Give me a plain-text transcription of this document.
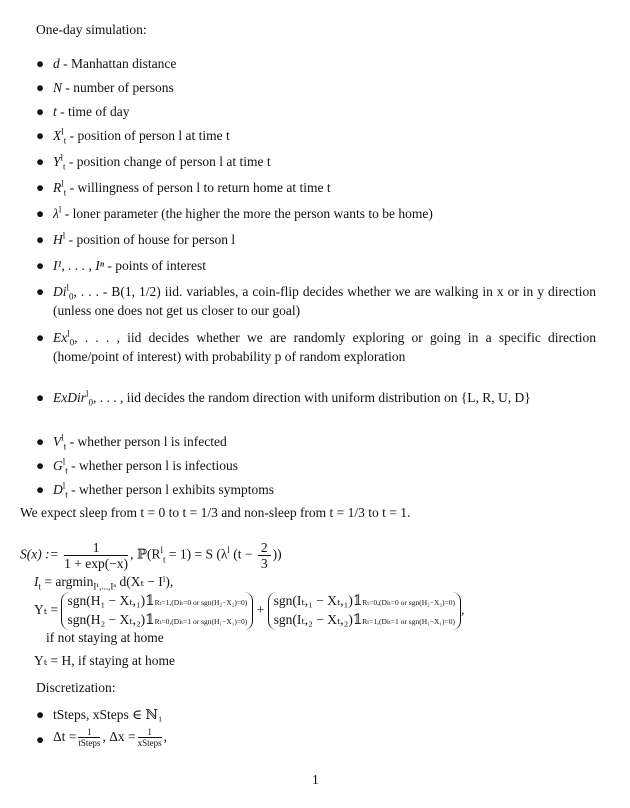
One-day simulation:
● d - Manhattan distance
● N - number of persons
● t - time of day
● $X^l_t$ - position of person l at time t
● $Y^l_t$ - position change of person l at time t
● $R^l_t$ - willingness of person l to return home at time t
● $\lambda^l$ - loner parameter (the higher the more the person wants to be home)
● $H^l$ - position of house for person l
● I¹, . . . , Iⁿ - points of interest
● $Di^l_0$, . . . - B(1, 1/2) iid. variables, a coin-flip decides whether we are walking in x or in y direction (unless one does not get us closer to our goal)
● $Ex^l_0$, . . . , iid decides whether we are randomly exploring or going in a specific direction (home/point of interest) with probability p of random exploration
● ExDir$^l_0$, . . . , iid decides the random direction with uniform distribution on {L, R, U, D}
● $V^l_t$ - whether person l is infected
● $G^l_t$ - whether person l is infectious
● $D^l_t$ - whether person l exhibits symptoms
We expect sleep from t = 0 to t = 1/3 and non-sleep from t = 1/3 to t = 1.
S(x) := $\frac{1}{1 + \exp(-x)}$ , $ℙ(R^l_t = 1) = S$ ($\lambda^l$ ($t - \frac{2}{3}$ ))
$I_t = argmin_{I^1,...,I^n}$ d(Xₜ − Iⁱ),
Yₜ = sgn(H₁ − Xₜ,₁)𝟙Rₜ=1,(Diₜ=0 or sgn(H₂−X₂)=0)
sgn(H₂ − Xₜ,₂)𝟙Rₜ=0,(Diₜ=1 or sgn(H₁−X₁)=0) + sgn(Iₜ,₁ − Xₜ,₁)𝟙Rₜ=0,(Diₜ=0 or sgn(H₂−X₂)=0)
sgn(Iₜ,₂ − Xₜ,₂)𝟙Rₜ=1,(Diₜ=1 or sgn(H₁−X₁)=0),
if not staying at home
Yₜ = H, if staying at home
Discretization:
● tSteps, xSteps ∈ ℕ₁
● $\Delta t = \frac{1}{\text{tSteps}}$ , $\Delta x = \frac{1}{\text{xSteps}}$ ,
1
